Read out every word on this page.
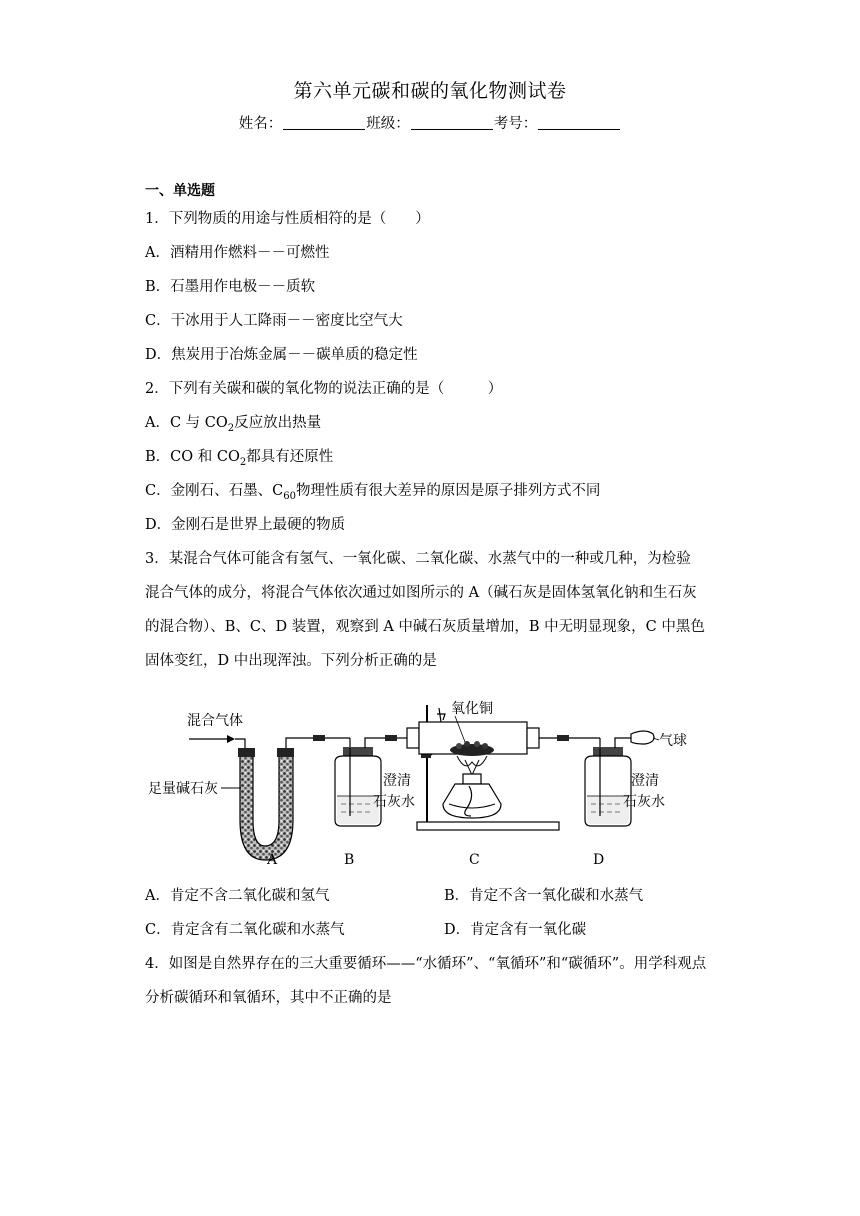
第六单元碳和碳的氧化物测试卷
姓名：	班级：	考号：
一、单选题
1．下列物质的用途与性质相符的是（　　）
A．酒精用作燃料－－可燃性
B．石墨用作电极－－质软
C．干冰用于人工降雨－－密度比空气大
D．焦炭用于冶炼金属－－碳单质的稳定性
2．下列有关碳和碳的氧化物的说法正确的是（　　　）
A．C 与 $CO_2$反应放出热量
B．CO 和 $CO_2$都具有还原性
C．金刚石、石墨、$C_{60}$物理性质有很大差异的原因是原子排列方式不同
D．金刚石是世界上最硬的物质
3．某混合气体可能含有氢气、一氧化碳、二氧化碳、水蒸气中的一种或几种，为检验
混合气体的成分，将混合气体依次通过如图所示的 A（碱石灰是固体氢氧化钠和生石灰
的混合物）、B、C、D 装置，观察到 A 中碱石灰质量增加，B 中无明显现象，C 中黑色
固体变红，D 中出现浑浊。下列分析正确的是
混合气体
足量碱石灰	澄清
石灰水
氧化铜
气球
澄清
石灰水
A	B	C	D
A．肯定不含二氧化碳和氢气	B．肯定不含一氧化碳和水蒸气
C．肯定含有二氧化碳和水蒸气	D．肯定含有一氧化碳
4．如图是自然界存在的三大重要循环——“水循环”、“氧循环”和“碳循环”。用学科观点
分析碳循环和氧循环，其中不正确的是
